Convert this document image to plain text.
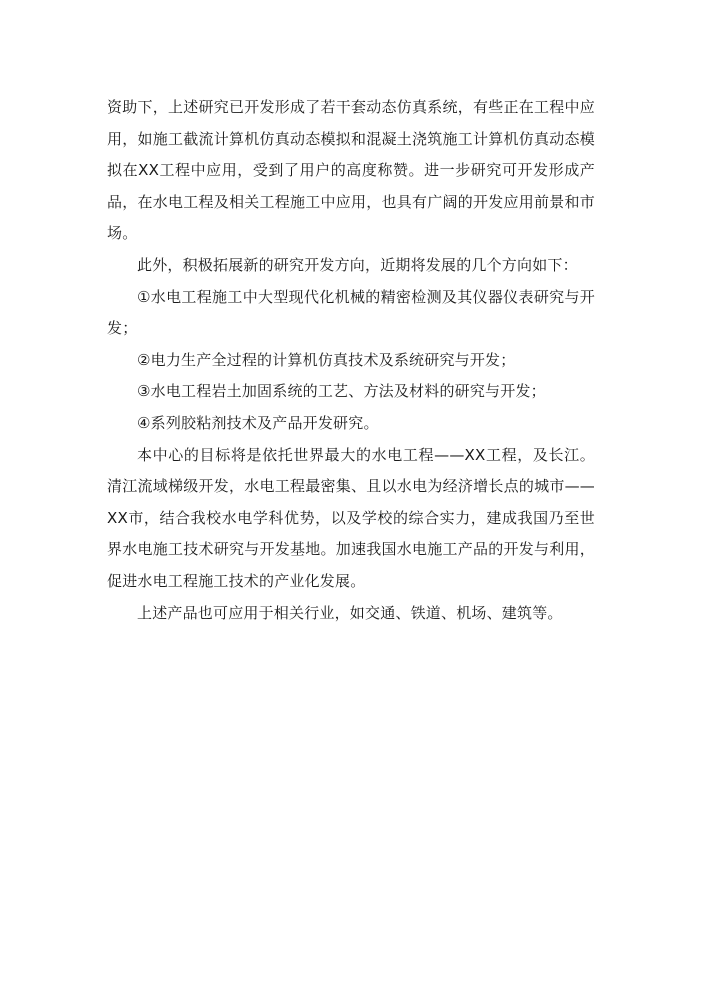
资助下，上述研究已开发形成了若干套动态仿真系统，有些正在工程中应用，如施工截流计算机仿真动态模拟和混凝土浇筑施工计算机仿真动态模拟在XX工程中应用，受到了用户的高度称赞。进一步研究可开发形成产品，在水电工程及相关工程施工中应用，也具有广阔的开发应用前景和市场。

此外，积极拓展新的研究开发方向，近期将发展的几个方向如下：

①水电工程施工中大型现代化机械的精密检测及其仪器仪表研究与开发；

②电力生产全过程的计算机仿真技术及系统研究与开发；

③水电工程岩土加固系统的工艺、方法及材料的研究与开发；

④系列胶粘剂技术及产品开发研究。

本中心的目标将是依托世界最大的水电工程——XX工程，及长江。清江流域梯级开发，水电工程最密集、且以水电为经济增长点的城市——XX市，结合我校水电学科优势，以及学校的综合实力，建成我国乃至世界水电施工技术研究与开发基地。加速我国水电施工产品的开发与利用，促进水电工程施工技术的产业化发展。

上述产品也可应用于相关行业，如交通、铁道、机场、建筑等。
